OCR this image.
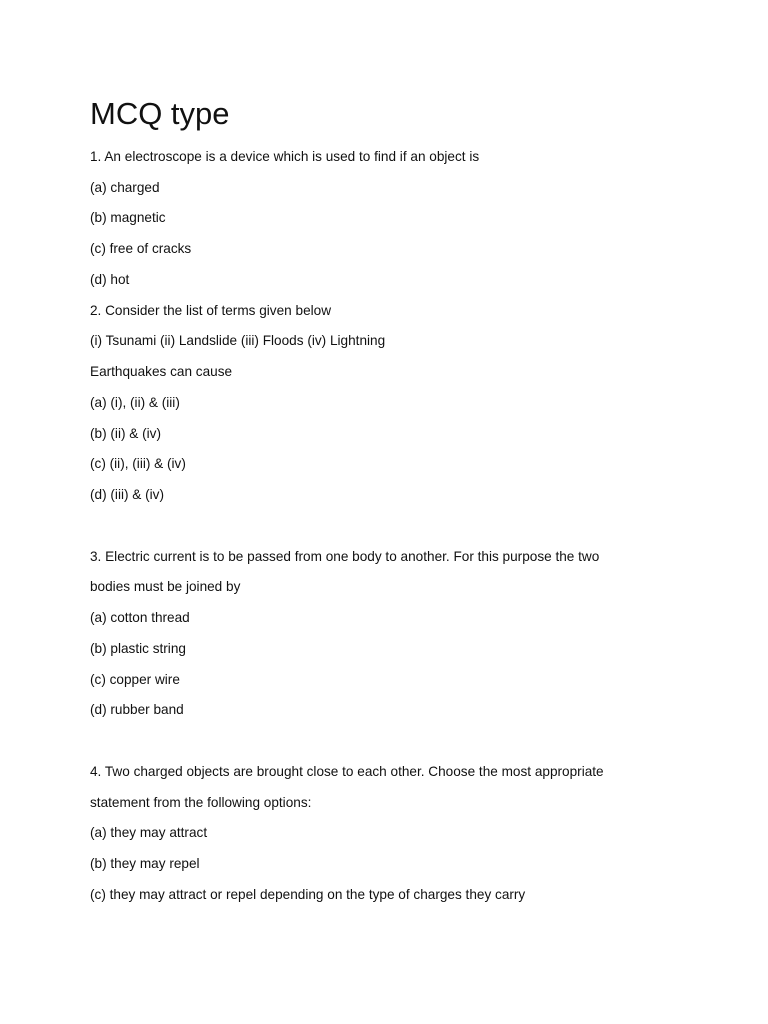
MCQ type
1. An electroscope is a device which is used to find if an object is
(a) charged
(b) magnetic
(c) free of cracks
(d) hot
2. Consider the list of terms given below
(i) Tsunami (ii) Landslide (iii) Floods (iv) Lightning
Earthquakes can cause
(a) (i), (ii) & (iii)
(b) (ii) & (iv)
(c) (ii), (iii) & (iv)
(d) (iii) & (iv)
3. Electric current is to be passed from one body to another. For this purpose the two
bodies must be joined by
(a) cotton thread
(b) plastic string
(c) copper wire
(d) rubber band
4. Two charged objects are brought close to each other. Choose the most appropriate
statement from the following options:
(a) they may attract
(b) they may repel
(c) they may attract or repel depending on the type of charges they carry
